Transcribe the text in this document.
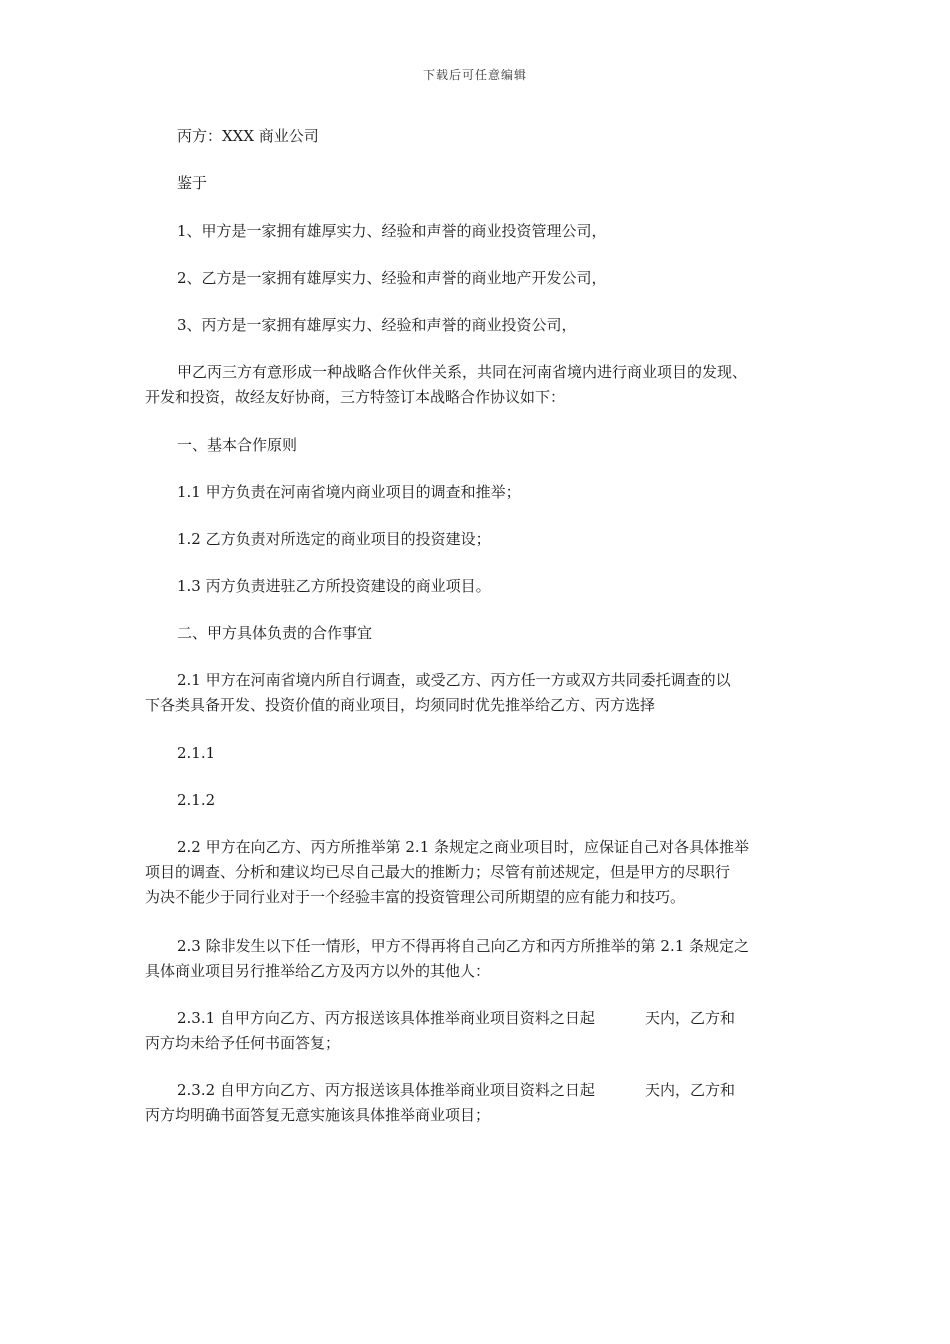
下载后可任意编辑

丙方：XXX 商业公司

鉴于

1、甲方是一家拥有雄厚实力、经验和声誉的商业投资管理公司，

2、乙方是一家拥有雄厚实力、经验和声誉的商业地产开发公司，

3、丙方是一家拥有雄厚实力、经验和声誉的商业投资公司，

甲乙丙三方有意形成一种战略合作伙伴关系，共同在河南省境内进行商业项目的发现、

开发和投资，故经友好协商，三方特签订本战略合作协议如下：

一、基本合作原则

1.1 甲方负责在河南省境内商业项目的调查和推举；

1.2 乙方负责对所选定的商业项目的投资建设；

1.3 丙方负责进驻乙方所投资建设的商业项目。

二、甲方具体负责的合作事宜

2.1 甲方在河南省境内所自行调查，或受乙方、丙方任一方或双方共同委托调查的以

下各类具备开发、投资价值的商业项目，均须同时优先推举给乙方、丙方选择

2.1.1

2.1.2

2.2 甲方在向乙方、丙方所推举第 2.1 条规定之商业项目时，应保证自己对各具体推举

项目的调查、分析和建议均已尽自己最大的推断力；尽管有前述规定，但是甲方的尽职行

为决不能少于同行业对于一个经验丰富的投资管理公司所期望的应有能力和技巧。

2.3 除非发生以下任一情形，甲方不得再将自己向乙方和丙方所推举的第 2.1 条规定之

具体商业项目另行推举给乙方及丙方以外的其他人：

2.3.1 自甲方向乙方、丙方报送该具体推举商业项目资料之日起	天内，乙方和

丙方均未给予任何书面答复；

2.3.2 自甲方向乙方、丙方报送该具体推举商业项目资料之日起	天内，乙方和

丙方均明确书面答复无意实施该具体推举商业项目；
